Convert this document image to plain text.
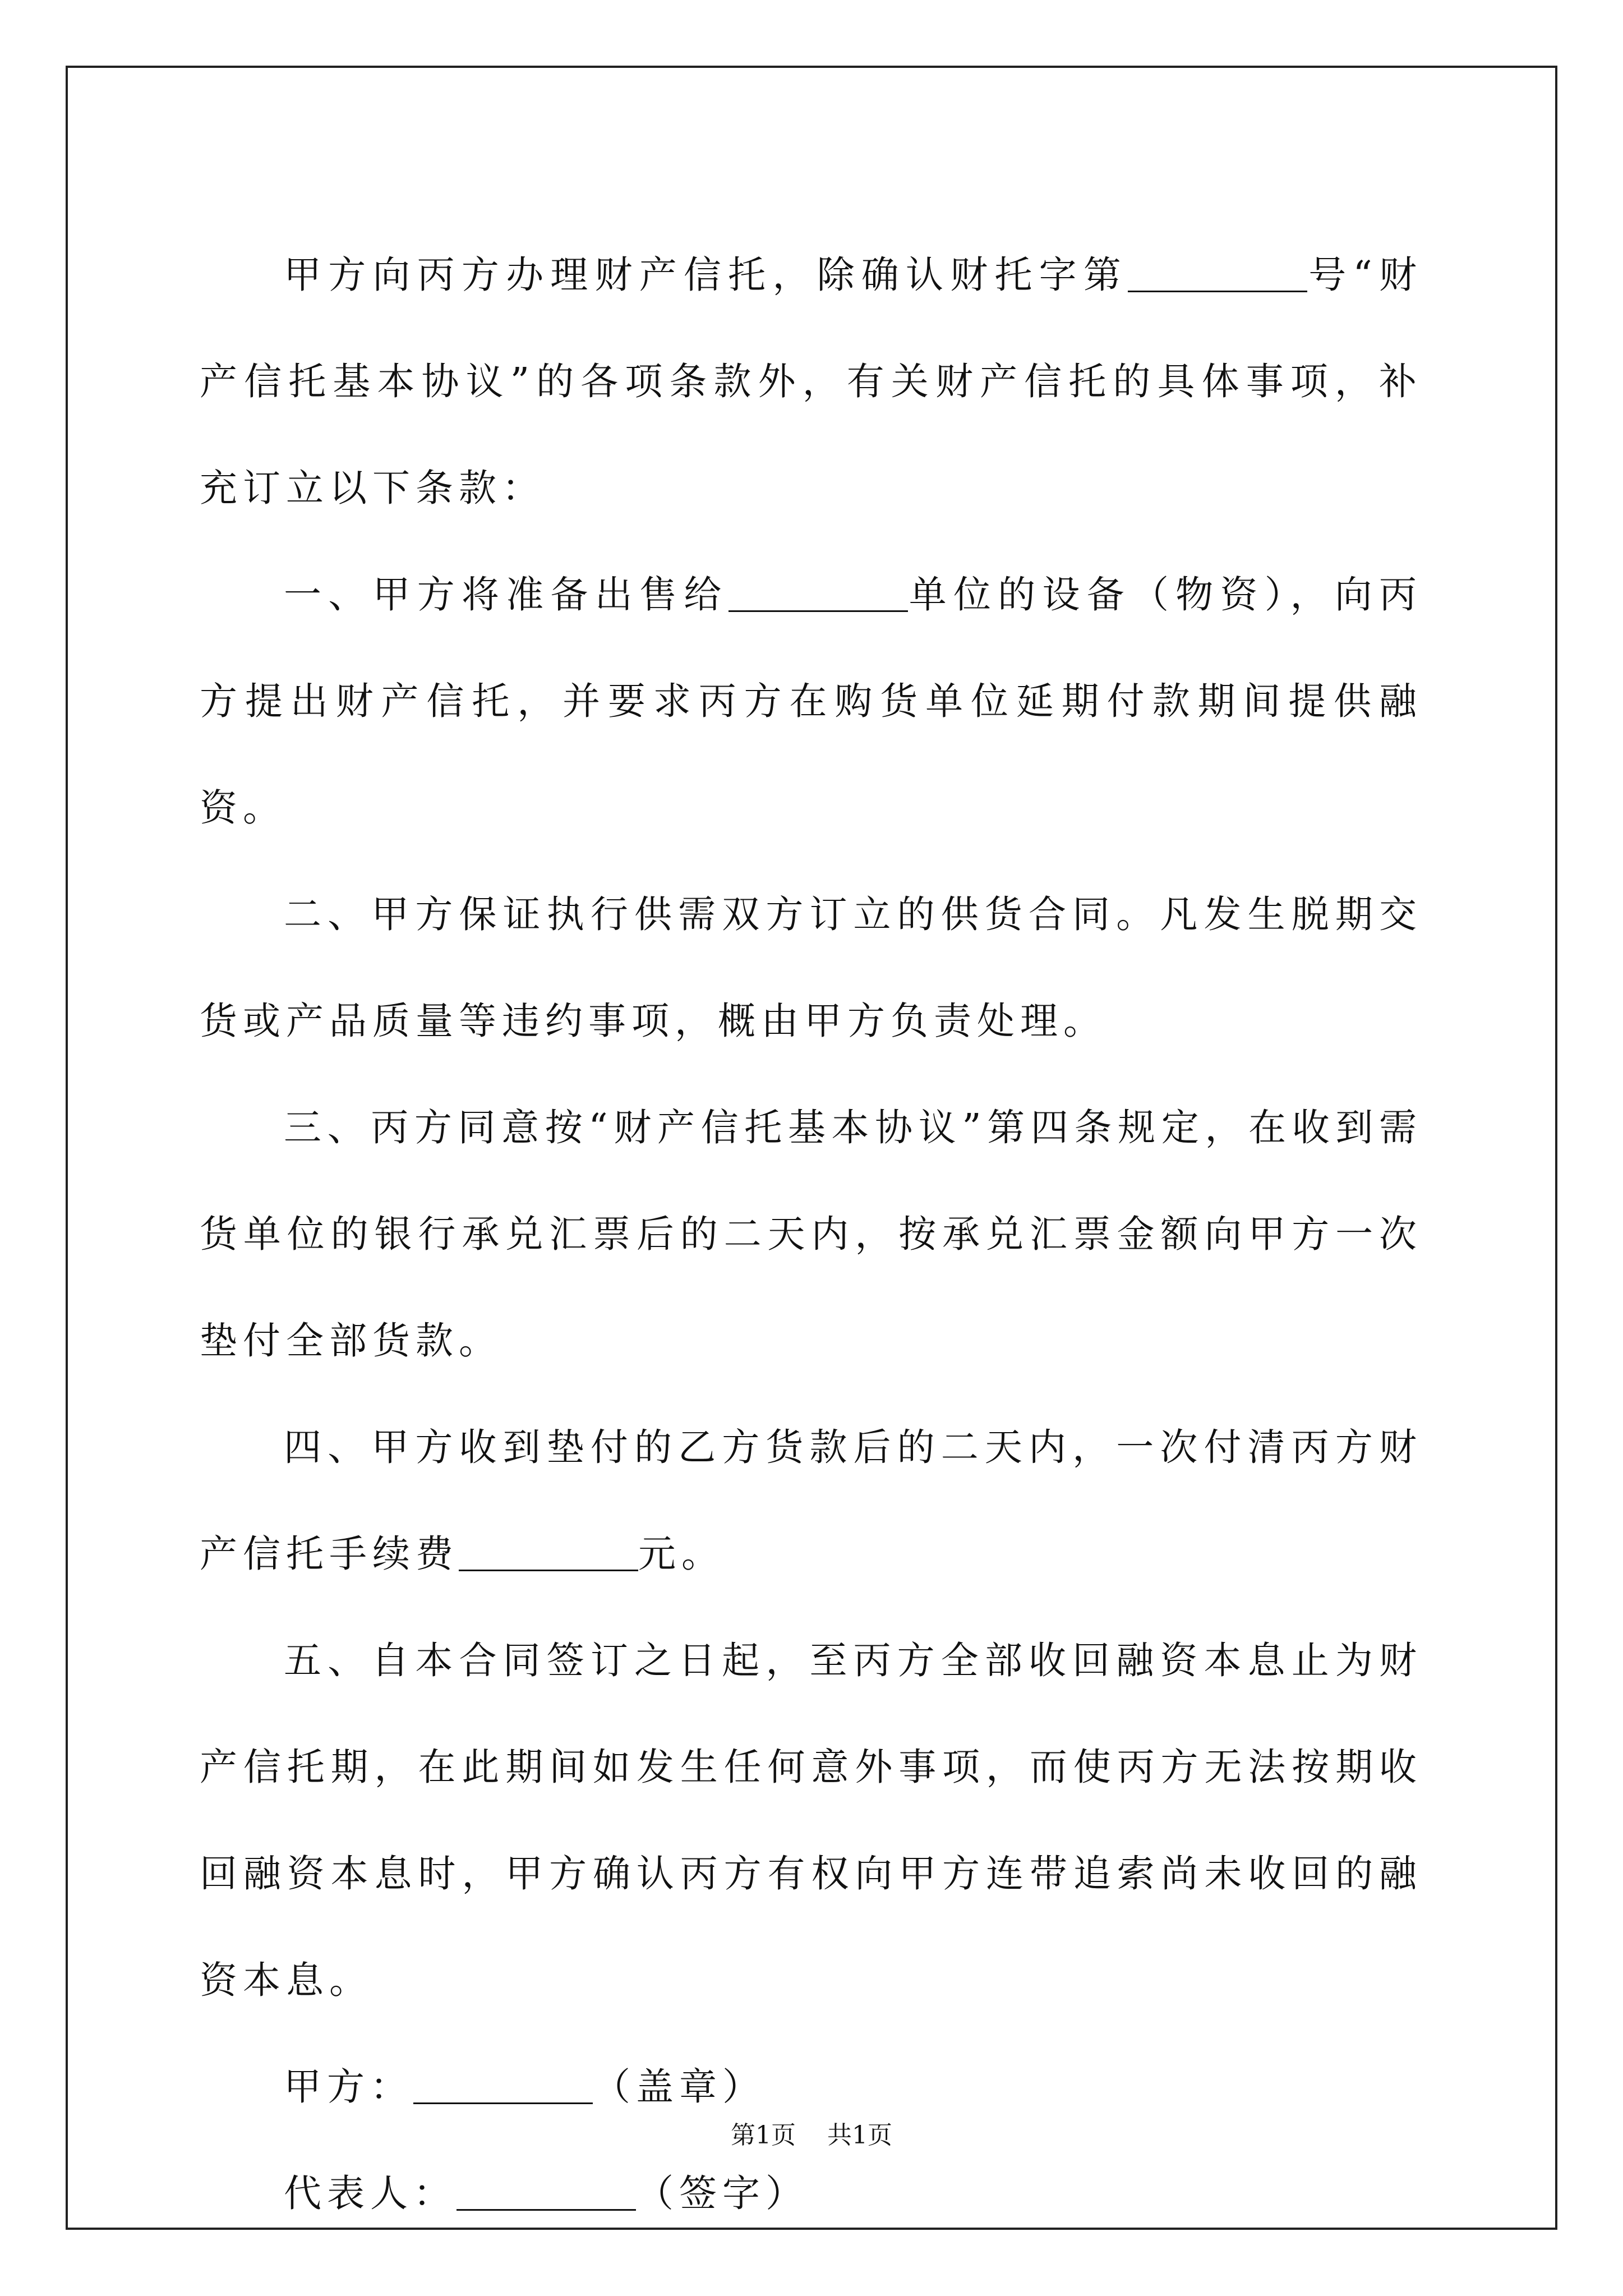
甲方向丙方办理财产信托，除确认财托字第	号“财产信托基本协议”的各项条款外，有关财产信托的具体事项，补充订立以下条款：

一、甲方将准备出售给	单位的设备（物资），向丙方提出财产信托，并要求丙方在购货单位延期付款期间提供融资。

二、甲方保证执行供需双方订立的供货合同。凡发生脱期交货或产品质量等违约事项，概由甲方负责处理。

三、丙方同意按“财产信托基本协议”第四条规定，在收到需货单位的银行承兑汇票后的二天内，按承兑汇票金额向甲方一次垫付全部货款。

四、甲方收到垫付的乙方货款后的二天内，一次付清丙方财产信托手续费	元。

五、自本合同签订之日起，至丙方全部收回融资本息止为财产信托期，在此期间如发生任何意外事项，而使丙方无法按期收回融资本息时，甲方确认丙方有权向甲方连带追索尚未收回的融资本息。

甲方：	（盖章）

代表人：	（签字）

第1页 共1页
